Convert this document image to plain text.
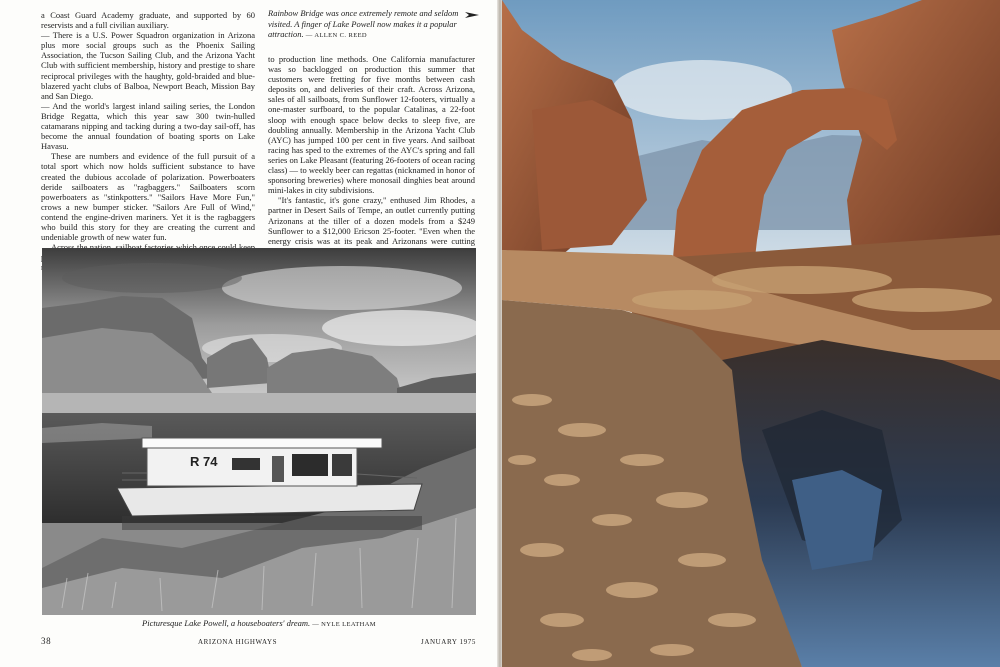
a Coast Guard Academy graduate, and supported by 60 reservists and a full civilian auxiliary.

— There is a U.S. Power Squadron organization in Arizona plus more social groups such as the Phoenix Sailing Association, the Tucson Sailing Club, and the Arizona Yacht Club with sufficient membership, history and prestige to share reciprocal privileges with the haughty, gold-braided and blue-blazered yacht clubs of Balboa, Newport Beach, Mission Bay and San Diego.

— And the world's largest inland sailing series, the London Bridge Regatta, which this year saw 300 twin-hulled catamarans nipping and tacking during a two-day sail-off, has become the annual foundation of boating sports on Lake Havasu.

These are numbers and evidence of the full pursuit of a total sport which now holds sufficient substance to have created the dubious accolade of polarization. Powerboaters deride sailboaters as "ragbaggers." Sailboaters scorn powerboaters as "stinkpotters." "Sailors Have More Fun," crows a new bumper sticker. "Sailors Are Full of Wind," contend the engine-driven mariners. Yet it is the ragbaggers who build this story for they are creating the current and undeniable growth of new water fun.

Rainbow Bridge was once extremely remote and seldom visited. A finger of Lake Powell now makes it a popular attraction. — ALLEN C. REED

to production line methods. One California manufacturer was so backlogged on production this summer that customers were fretting for five months between cash deposits on, and deliveries of their craft. Across Arizona, sales of all sailboats, from Sunflower 12-footers, virtually a one-master surfboard, to the popular Catalinas, a 22-foot sloop with enough space below decks to sleep five, are doubling annually. Membership in the Arizona Yacht Club (AYC) has jumped 100 per cent in five years. And sailboat racing has sped to the extremes of the AYC's spring and fall series on Lake Pleasant (featuring 26-footers of ocean racing class) — to weekly beer can regattas (nicknamed in honor of sponsoring breweries) where monosail dinghies beat around mini-lakes in city subdivisions.

"It's fantastic, it's gone crazy," enthused Jim Rhodes, a partner in Desert Sails of Tempe, an outlet currently putting Arizonans at the tiller of a dozen models from a $249 Sunflower to a $12,000 Ericson 25-footer. "Even when the energy crisis was at its peak and Arizonans were cutting

R 74
Picturesque Lake Powell, a houseboaters' dream. — NYLE LEATHAM
38	ARIZONA HIGHWAYS	JANUARY 1975
